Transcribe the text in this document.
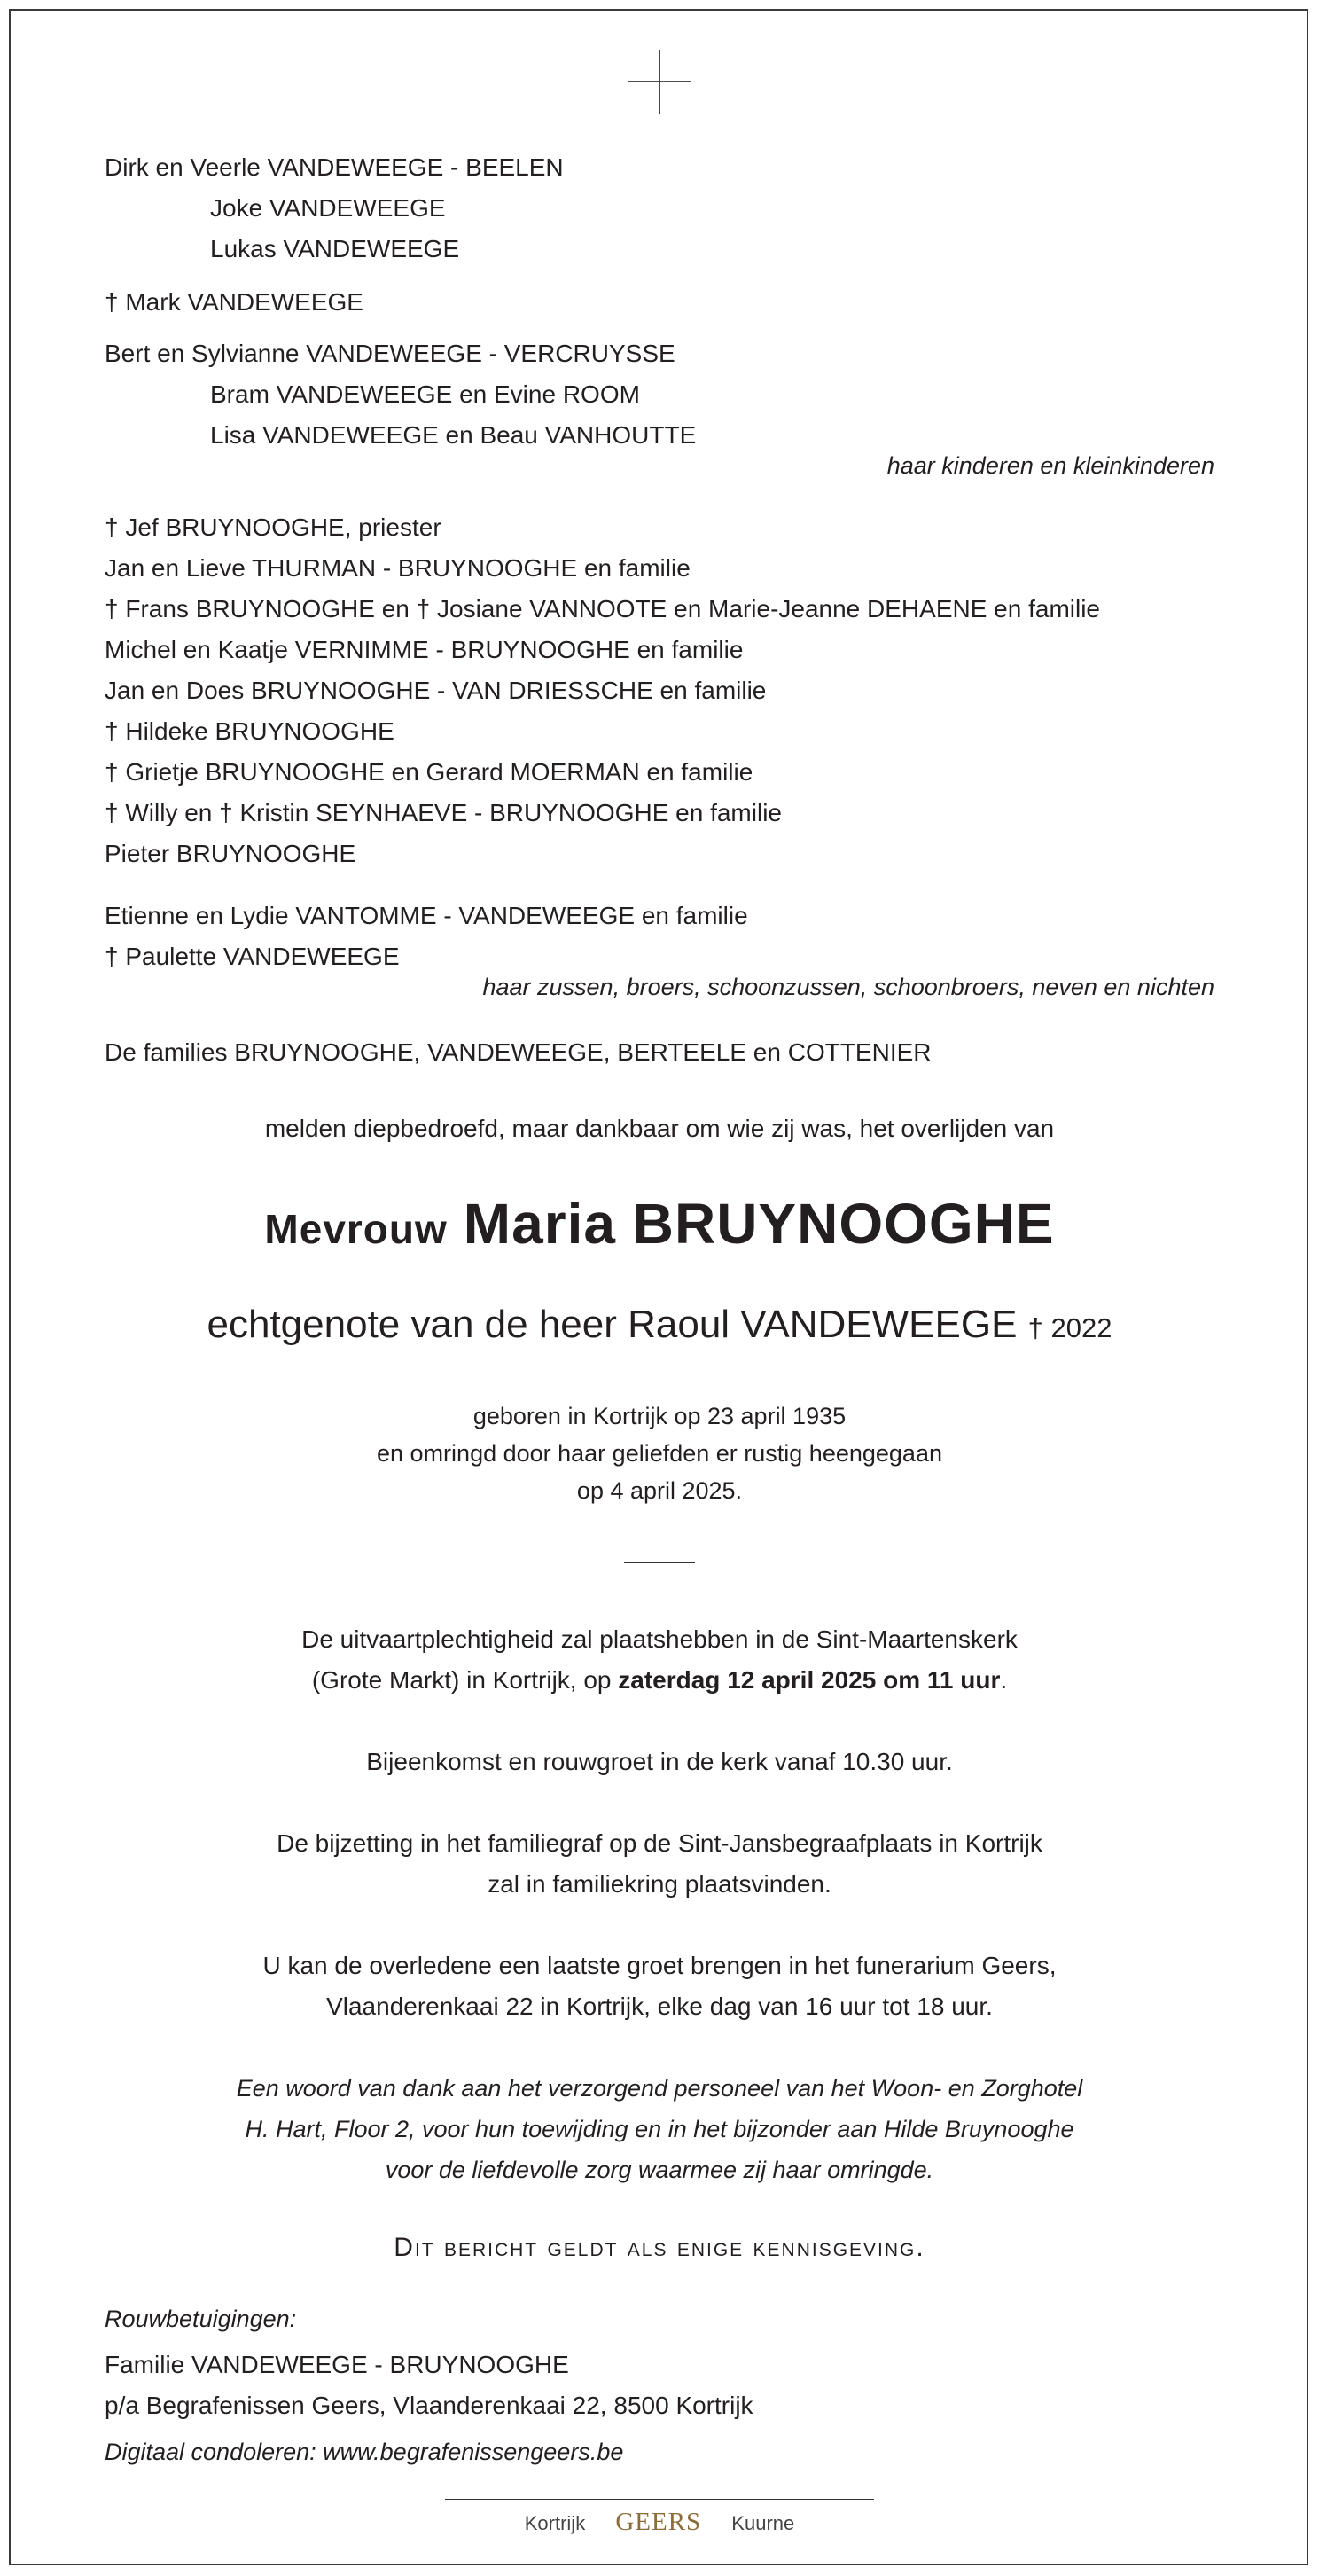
Dirk en Veerle VANDEWEEGE - BEELEN
Joke VANDEWEEGE
Lukas VANDEWEEGE
† Mark VANDEWEEGE
Bert en Sylvianne VANDEWEEGE - VERCRUYSSE
Bram VANDEWEEGE en Evine ROOM
Lisa VANDEWEEGE en Beau VANHOUTTE
haar kinderen en kleinkinderen
† Jef BRUYNOOGHE, priester
Jan en Lieve THURMAN - BRUYNOOGHE en familie
† Frans BRUYNOOGHE en † Josiane VANNOOTE en Marie-Jeanne DEHAENE en familie
Michel en Kaatje VERNIMME - BRUYNOOGHE en familie
Jan en Does BRUYNOOGHE - VAN DRIESSCHE en familie
† Hildeke BRUYNOOGHE
† Grietje BRUYNOOGHE en Gerard MOERMAN en familie
† Willy en † Kristin SEYNHAEVE - BRUYNOOGHE en familie
Pieter BRUYNOOGHE
Etienne en Lydie VANTOMME - VANDEWEEGE en familie
† Paulette VANDEWEEGE
haar zussen, broers, schoonzussen, schoonbroers, neven en nichten
De families BRUYNOOGHE, VANDEWEEGE, BERTEELE en COTTENIER
melden diepbedroefd, maar dankbaar om wie zij was, het overlijden van
Mevrouw Maria BRUYNOOGHE
echtgenote van de heer Raoul VANDEWEEGE † 2022
geboren in Kortrijk op 23 april 1935
en omringd door haar geliefden er rustig heengegaan
op 4 april 2025.
De uitvaartplechtigheid zal plaatshebben in de Sint-Maartenskerk
(Grote Markt) in Kortrijk, op zaterdag 12 april 2025 om 11 uur.
Bijeenkomst en rouwgroet in de kerk vanaf 10.30 uur.
De bijzetting in het familiegraf op de Sint-Jansbegraafplaats in Kortrijk
zal in familiekring plaatsvinden.
U kan de overledene een laatste groet brengen in het funerarium Geers,
Vlaanderenkaai 22 in Kortrijk, elke dag van 16 uur tot 18 uur.
Een woord van dank aan het verzorgend personeel van het Woon- en Zorghotel
H. Hart, Floor 2, voor hun toewijding en in het bijzonder aan Hilde Bruynooghe
voor de liefdevolle zorg waarmee zij haar omringde.
Dit bericht geldt als enige kennisgeving.
Rouwbetuigingen:
Familie VANDEWEEGE - BRUYNOOGHE
p/a Begrafenissen Geers, Vlaanderenkaai 22, 8500 Kortrijk
Digitaal condoleren: www.begrafenissengeers.be
Kortrijk GEERS Kuurne
